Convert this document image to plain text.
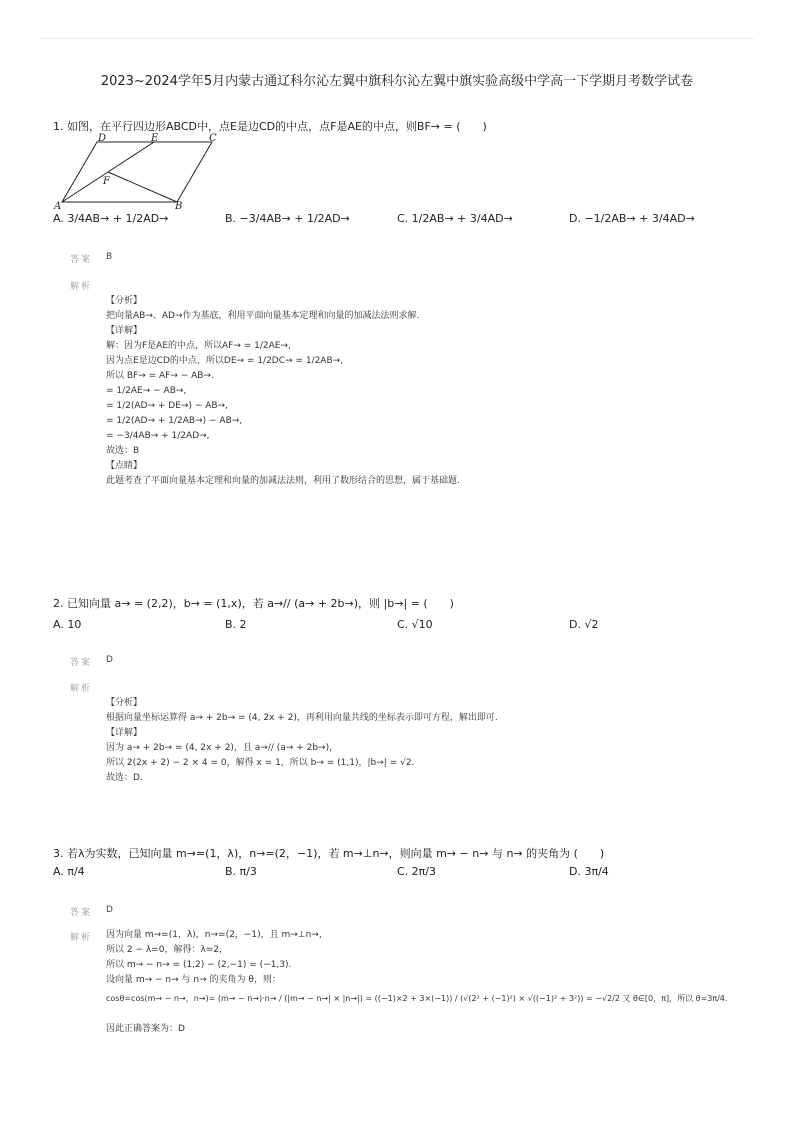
2023~2024学年5月内蒙古通辽科尔沁左翼中旗科尔沁左翼中旗实验高级中学高一下学期月考数学试卷
1. 如图，在平行四边形ABCD中，点E是边CD的中点，点F是AE的中点，则BF→ = (　　)
D	E	C
F
A	B
A. 3/4AB→ + 1/2AD→	B. −3/4AB→ + 1/2AD→	C. 1/2AB→ + 3/4AD→	D. −1/2AB→ + 3/4AD→
答案 B
解析
【分析】
把向量AB→、AD→作为基底，利用平面向量基本定理和向量的加减法法则求解.
【详解】
解：因为F是AE的中点，所以AF→ = 1/2AE→,
因为点E是边CD的中点，所以DE→ = 1/2DC→ = 1/2AB→,
所以 BF→ = AF→ − AB→.
= 1/2AE→ − AB→,
= 1/2(AD→ + DE→) − AB→,
= 1/2(AD→ + 1/2AB→) − AB→,
= −3/4AB→ + 1/2AD→,
故选：B
【点睛】
此题考查了平面向量基本定理和向量的加减法法则，利用了数形结合的思想，属于基础题.
2. 已知向量 a→ = (2,2)，b→ = (1,x)，若 a→// (a→ + 2b→)，则 |b→| = (　　)
A. 10	B. 2	C. √10	D. √2
答案 D
解析
【分析】
根据向量坐标运算得 a→ + 2b→ = (4, 2x + 2)，再利用向量共线的坐标表示即可方程，解出即可.
【详解】
因为 a→ + 2b→ = (4, 2x + 2)，且 a→// (a→ + 2b→)，
所以 2(2x + 2) − 2 × 4 = 0，解得 x = 1，所以 b→ = (1,1)，|b→| = √2.
故选：D.
3. 若λ为实数，已知向量 m→=(1，λ)，n→=(2，−1)，若 m→⊥n→，则向量 m→ − n→ 与 n→ 的夹角为 (　　)
A. π/4	B. π/3	C. 2π/3	D. 3π/4
答案 D
解析 因为向量 m→=(1，λ)，n→=(2，−1)，且 m→⊥n→，
所以 2 − λ=0，解得：λ=2，
所以 m→ − n→ = (1,2) − (2,−1) = (−1,3).
设向量 m→ − n→ 与 n→ 的夹角为 θ，则：
cosθ=cos(m→ − n→，n→)= (m→ − n→)·n→ / (|m→ − n→| × |n→|) = ((−1)×2 + 3×(−1)) / (√(2² + (−1)²) × √((−1)² + 3²)) = −√2/2 又 θ∈[0，π]，所以 θ=3π/4.
因此正确答案为：D
